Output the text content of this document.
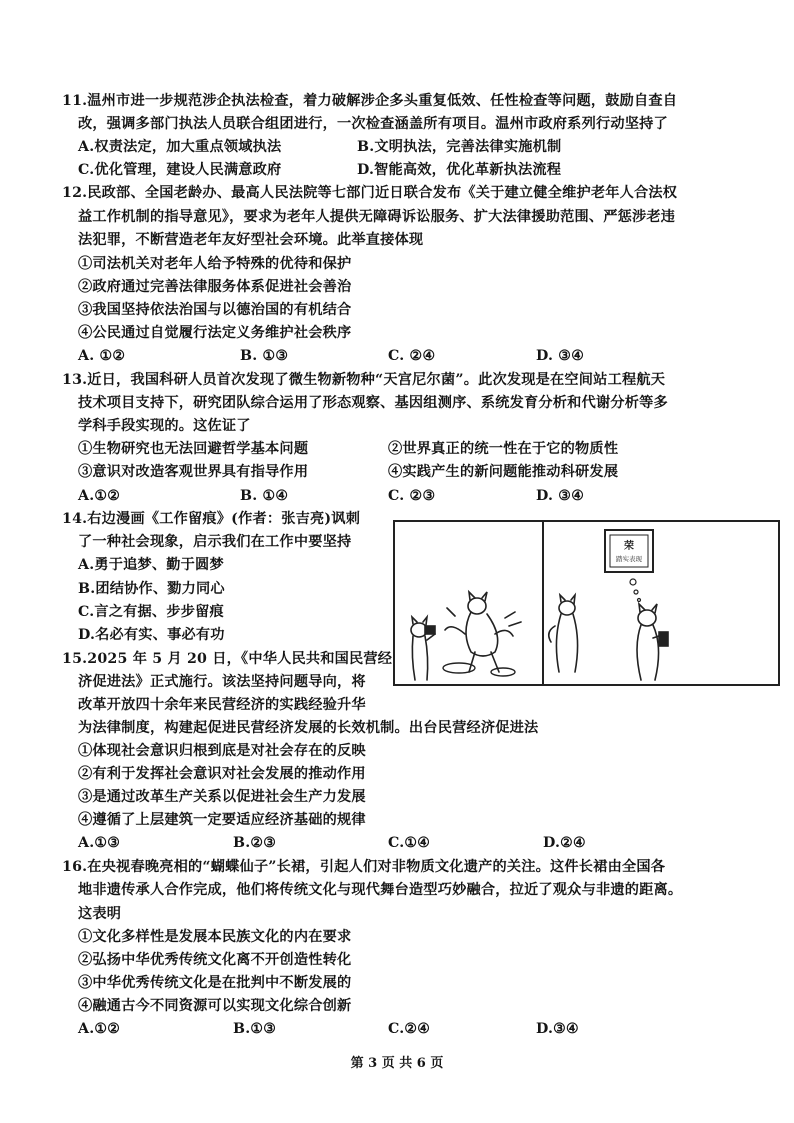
11.温州市进一步规范涉企执法检查，着力破解涉企多头重复低效、任性检查等问题，鼓励自查自
改，强调多部门执法人员联合组团进行，一次检查涵盖所有项目。温州市政府系列行动坚持了
A.权责法定，加大重点领域执法	B.文明执法，完善法律实施机制
C.优化管理，建设人民满意政府	D.智能高效，优化革新执法流程
12.民政部、全国老龄办、最高人民法院等七部门近日联合发布《关于建立健全维护老年人合法权
益工作机制的指导意见》，要求为老年人提供无障碍诉讼服务、扩大法律援助范围、严惩涉老违
法犯罪，不断营造老年友好型社会环境。此举直接体现
①司法机关对老年人给予特殊的优待和保护
②政府通过完善法律服务体系促进社会善治
③我国坚持依法治国与以德治国的有机结合
④公民通过自觉履行法定义务维护社会秩序
A. ①②	B. ①③	C. ②④	D. ③④
13.近日，我国科研人员首次发现了微生物新物种“天宫尼尔菌”。此次发现是在空间站工程航天
技术项目支持下，研究团队综合运用了形态观察、基因组测序、系统发育分析和代谢分析等多
学科手段实现的。这佐证了
①生物研究也无法回避哲学基本问题	②世界真正的统一性在于它的物质性
③意识对改造客观世界具有指导作用	④实践产生的新问题能推动科研发展
A.①②	B. ①④	C. ②③	D. ③④
14.右边漫画《工作留痕》(作者：张吉亮)讽刺
了一种社会现象，启示我们在工作中要坚持
A.勇于追梦、勤于圆梦
B.团结协作、勠力同心
C.言之有据、步步留痕
D.名必有实、事必有功
荣
踏实表现
15.2025 年 5 月 20 日，《中华人民共和国民营经
济促进法》正式施行。该法坚持问题导向，将
改革开放四十余年来民营经济的实践经验升华
为法律制度，构建起促进民营经济发展的长效机制。出台民营经济促进法
①体现社会意识归根到底是对社会存在的反映
②有利于发挥社会意识对社会发展的推动作用
③是通过改革生产关系以促进社会生产力发展
④遵循了上层建筑一定要适应经济基础的规律
A.①③	B.②③	C.①④	D.②④
16.在央视春晚亮相的“蝴蝶仙子”长裙，引起人们对非物质文化遗产的关注。这件长裙由全国各
地非遗传承人合作完成，他们将传统文化与现代舞台造型巧妙融合，拉近了观众与非遗的距离。
这表明
①文化多样性是发展本民族文化的内在要求
②弘扬中华优秀传统文化离不开创造性转化
③中华优秀传统文化是在批判中不断发展的
④融通古今不同资源可以实现文化综合创新
A.①②	B.①③	C.②④	D.③④
第 3 页 共 6 页
